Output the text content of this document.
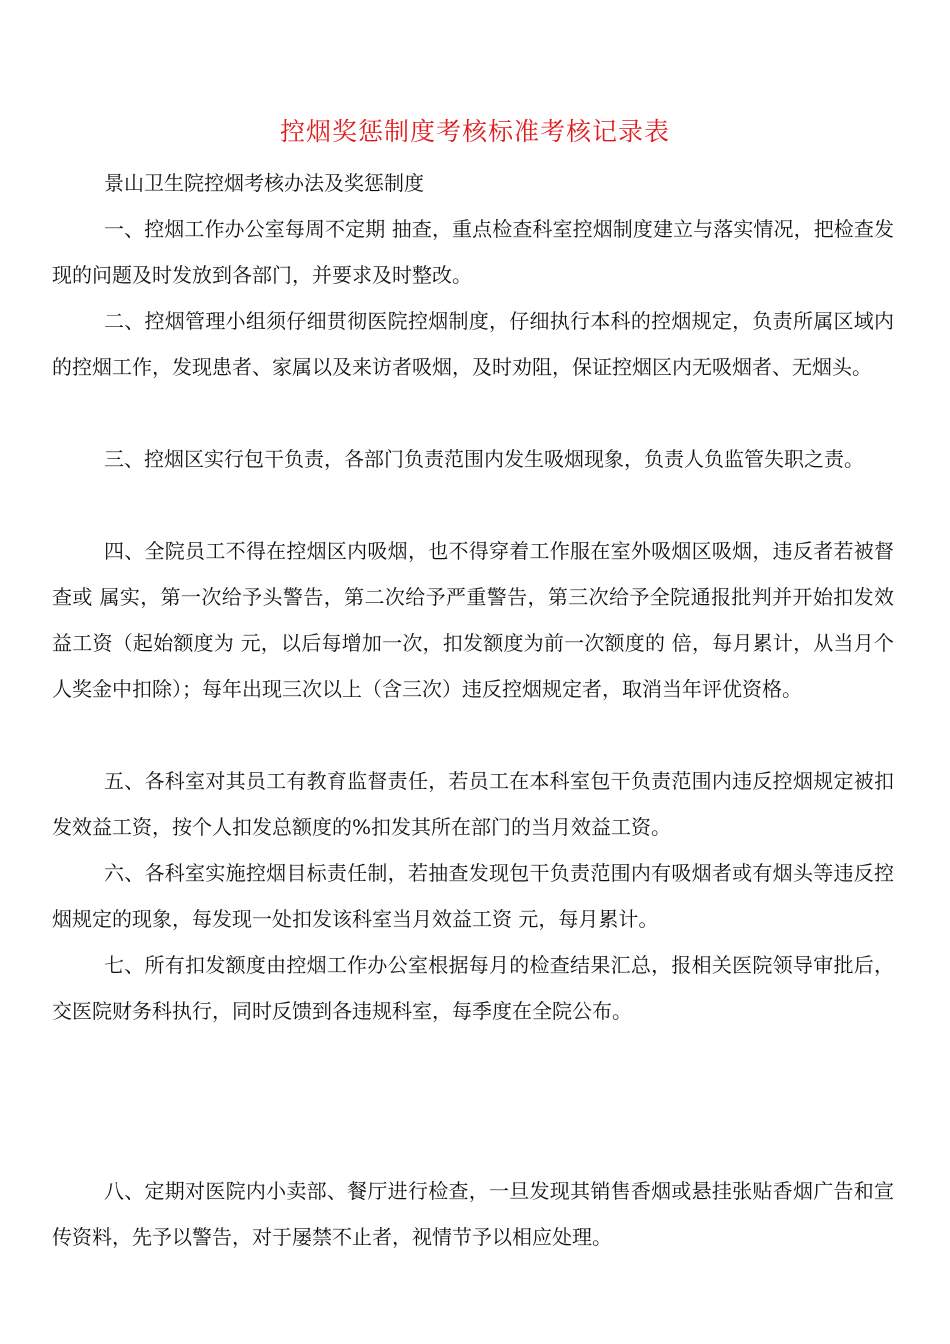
控烟奖惩制度考核标准考核记录表
景山卫生院控烟考核办法及奖惩制度

一、控烟工作办公室每周不定期 抽查，重点检查科室控烟制度建立与落实情况，把检查发现的问题及时发放到各部门，并要求及时整改。

二、控烟管理小组须仔细贯彻医院控烟制度，仔细执行本科的控烟规定，负责所属区域内的控烟工作，发现患者、家属以及来访者吸烟，及时劝阻，保证控烟区内无吸烟者、无烟头。

三、控烟区实行包干负责，各部门负责范围内发生吸烟现象，负责人负监管失职之责。

四、全院员工不得在控烟区内吸烟，也不得穿着工作服在室外吸烟区吸烟，违反者若被督查或 属实，第一次给予头警告，第二次给予严重警告，第三次给予全院通报批判并开始扣发效益工资（起始额度为 元，以后每增加一次，扣发额度为前一次额度的 倍，每月累计，从当月个人奖金中扣除）；每年出现三次以上（含三次）违反控烟规定者，取消当年评优资格。

五、各科室对其员工有教育监督责任，若员工在本科室包干负责范围内违反控烟规定被扣发效益工资，按个人扣发总额度的%扣发其所在部门的当月效益工资。

六、各科室实施控烟目标责任制，若抽查发现包干负责范围内有吸烟者或有烟头等违反控烟规定的现象，每发现一处扣发该科室当月效益工资 元，每月累计。

七、所有扣发额度由控烟工作办公室根据每月的检查结果汇总，报相关医院领导审批后，交医院财务科执行，同时反馈到各违规科室，每季度在全院公布。

八、定期对医院内小卖部、餐厅进行检查，一旦发现其销售香烟或悬挂张贴香烟广告和宣传资料，先予以警告，对于屡禁不止者，视情节予以相应处理。
